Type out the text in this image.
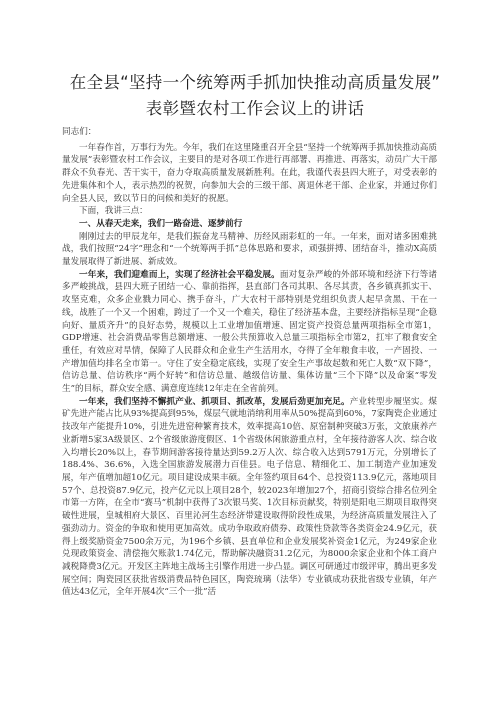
在全县“坚持一个统筹两手抓加快推动高质量发展”
表彰暨农村工作会议上的讲话

同志们：

一年春作首，万事行为先。今年，我们在这里隆重召开全县“坚持一个统筹两手抓加快推动高质量发展”表彰暨农村工作会议，主要目的是对各项工作进行再部署、再推进、再落实，动员广大干部群众不负春光、苦干实干，奋力夺取高质量发展新胜利。在此，我谨代表县四大班子，对受表彰的先进集体和个人，表示热烈的祝贺，向参加大会的三级干部、离退休老干部、企业家，并通过你们向全县人民，致以节日的问候和美好的祝愿。

下面，我讲三点：

一、从春天走来，我们一路奋进、逐梦前行

刚刚过去的甲辰龙年，是我们振奋龙马精神、历经风雨彩虹的一年。一年来，面对诸多困难挑战，我们按照“24字”理念和“一个统筹两手抓”总体思路和要求，顽强拼搏、团结奋斗，推动X高质量发展取得了新进展、新成效。

一年来，我们迎难而上，实现了经济社会平稳发展。面对复杂严峻的外部环境和经济下行等诸多严峻挑战，县四大班子团结一心、靠前指挥，县直部门各司其职、各尽其责，各乡镇真抓实干、攻坚克难，众多企业戮力同心、携手奋斗，广大农村干部特别是党组织负责人起早贪黑、干在一线，战胜了一个又一个困难，跨过了一个又一个难关，稳住了经济基本盘，主要经济指标呈现“企稳向好、量质齐升”的良好态势，规模以上工业增加值增速、固定资产投资总量两项指标全市第1，GDP增速、社会消费品零售总额增速、一般公共预算收入总量三项指标全市第2，扛牢了粮食安全重任，有效应对旱情，保障了人民群众和企业生产生活用水，夺得了全年粮食丰收，一产固投、一产增加值均排名全市第一。守住了安全稳定底线，实现了安全生产事故起数和死亡人数“双下降”，信访总量、信访秩序“两个好转”和信访总量、越级信访量、集体访量“三个下降”以及命案“零发生”的目标，群众安全感、满意度连续12年走在全省前列。

一年来，我们坚持不懈抓产业、抓项目、抓改革，发展后劲更加充足。产业转型步履坚实。煤矿先进产能占比从93%提高到95%，煤层气就地消纳利用率从50%提高到60%，7家陶瓷企业通过技改年产能提升10%，引进先进窑种繁育技术，效率提高10倍、原窑制种突破3万张，文旅康养产业新增5家3A级景区、2个省级旅游度假区、1个省级休闲旅游重点村，全年接待游客人次、综合收入均增长20%以上，春节期间游客接待量达到59.2万人次、综合收入达到5791万元，分别增长了188.4%、36.6%，入选全国旅游发展潜力百佳县。电子信息、精细化工、加工制造产业加速发展，年产值增加超10亿元。项目建设成果丰硕。全年签约项目64个、总投资113.9亿元，落地项目57个、总投资87.9亿元，投产亿元以上项目28个，较2023年增加27个，招商引资综合排名位列全市第一方阵，在全市“赛马”机制中获得了3次银马奖、1次目标贡献奖，特别是阳电三期项目取得突破性进展，皇城相府大景区、百里沁河生态经济带建设取得阶段性成果，为经济高质量发展注入了强劲动力。资金的争取和使用更加高效。成功争取政府债券、政策性贷款等各类资金24.9亿元，获得上级奖励资金7500余万元，为196个乡镇、县直单位和企业发展奖补资金1亿元，为249家企业兑现政策资金、清偿拖欠账款1.74亿元，帮助解决融资31.2亿元，为8000余家企业和个体工商户减税降费3亿元。开发区主阵地主战场主引擎作用进一步凸显。调区可研通过市级评审，腾出更多发展空间；陶瓷园区获批省级消费品特色园区，陶瓷琉璃（法华）专业镇成功获批省级专业镇，年产值达43亿元，全年开展4次“三个一批”活
